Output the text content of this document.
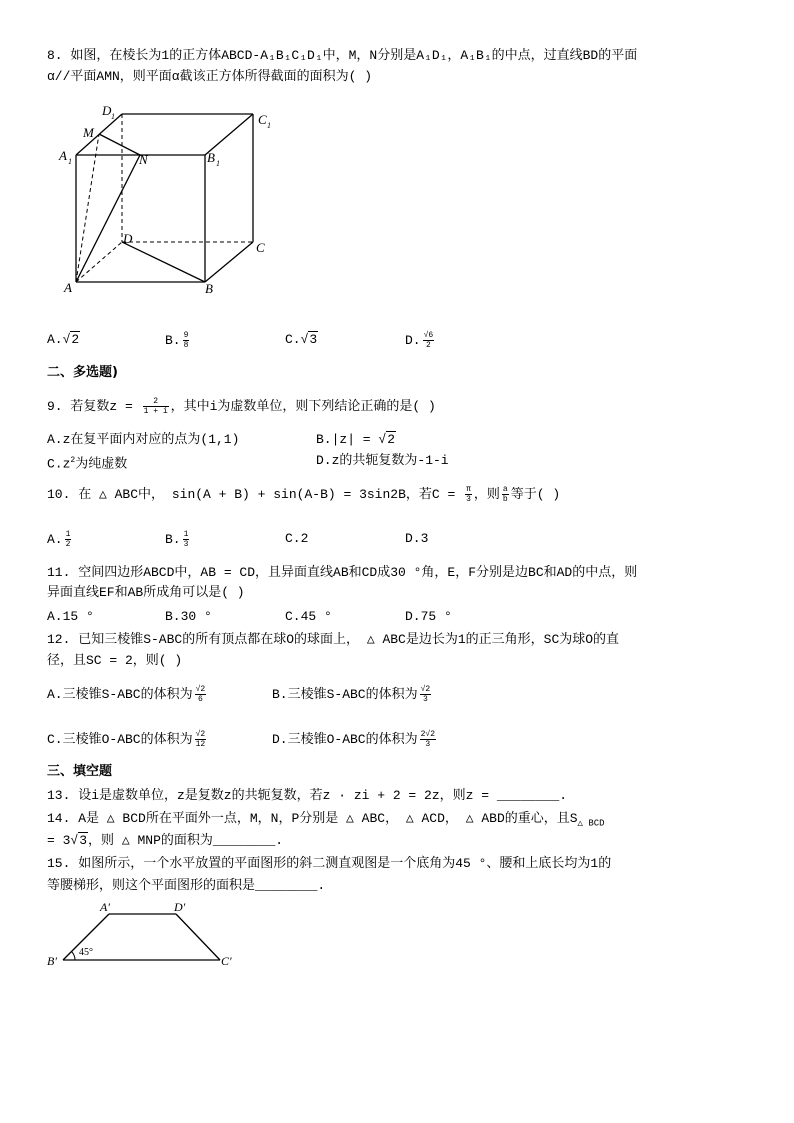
8. 如图，在棱长为1的正方体ABCD-A₁B₁C₁D₁中，M，N分别是A₁D₁，A₁B₁的中点，过直线BD的平面
α//平面AMN，则平面α截该正方体所得截面的面积为( )
D 1	C 1
A 1	B 1
M
N
D
C
A	B
A.√2	B. $\frac{9}{8}$	C.√3	D. $\frac{√6}{2}$
二、多选题)
9. 若复数$z = \frac{2}{1 + i}$ ，其中i为虚数单位，则下列结论正确的是( )
A.z在复平面内对应的点为(1,1)	B.|z| = √2
$C.z^2$为纯虚数	D.z的共轭复数为-1-i
10. 在 △ ABC中， sin(A + B) + sin(A-B) = 3sin2B，若$C = \frac{\pi}{3}$ ，则 $\frac{a}{b}$ 等于( )
A. $\frac{1}{2}$	B. $\frac{1}{3}$	C.2	D.3
11. 空间四边形ABCD中，AB = CD，且异面直线AB和CD成30 °角，E，F分别是边BC和AD的中点，则
异面直线EF和AB所成角可以是( )
A.15 °	B.30 °	C.45 °	D.75 °
12. 已知三棱锥S-ABC的所有顶点都在球O的球面上， △ ABC是边长为1的正三角形，SC为球O的直
径，且SC = 2，则( )
A.三棱锥S-ABC的体积为 $\frac{√2}{6}$	B.三棱锥S-ABC的体积为 $\frac{√2}{3}$
C.三棱锥O-ABC的体积为 $\frac{√2}{12}$	D.三棱锥O-ABC的体积为 $\frac{2√2}{3}$
三、填空题
13. 设i是虚数单位，z是复数z的共轭复数，若z · zi + 2 = 2z，则z = ________.
14. A是 △ BCD所在平面外一点，M，N，P分别是 △ ABC， △ ACD， △ ABD的重心，且$S_{\triangle BCD}$
= 3√3，则 △ MNP的面积为________.
15. 如图所示，一个水平放置的平面图形的斜二测直观图是一个底角为45 °、腰和上底长均为1的
等腰梯形，则这个平面图形的面积是________.
A′	D′
B′	C′
45°
